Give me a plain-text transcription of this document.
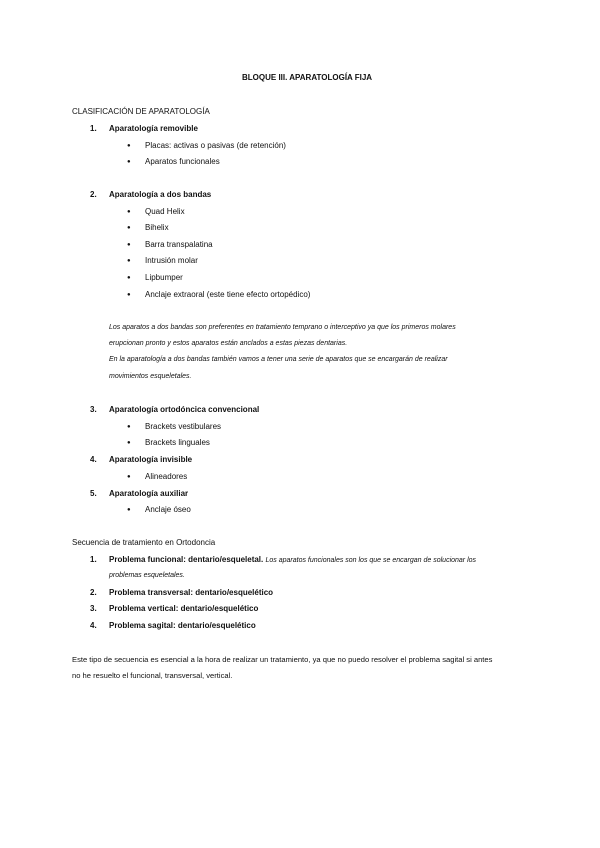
BLOQUE III. APARATOLOGÍA FIJA
CLASIFICACIÓN DE APARATOLOGÍA
1.	Aparatología removible
● Placas: activas o pasivas (de retención)
● Aparatos funcionales
2.	Aparatología a dos bandas
● Quad Helix
● Bihelix
● Barra transpalatina
● Intrusión molar
● Lipbumper
● Anclaje extraoral (este tiene efecto ortopédico)
Los aparatos a dos bandas son preferentes en tratamiento temprano o interceptivo ya que los primeros molares
erupcionan pronto y estos aparatos están anclados a estas piezas dentarias.
En la aparatología a dos bandas también vamos a tener una serie de aparatos que se encargarán de realizar
movimientos esqueletales.
3.	Aparatología ortodóncica convencional
● Brackets vestibulares
● Brackets linguales
4.	Aparatología invisible
● Alineadores
5.	Aparatología auxiliar
● Anclaje óseo
Secuencia de tratamiento en Ortodoncia
1.	Problema funcional: dentario/esqueletal. Los aparatos funcionales son los que se encargan de solucionar los
problemas esqueletales.
2.	Problema transversal: dentario/esquelético
3.	Problema vertical: dentario/esquelético
4.	Problema sagital: dentario/esquelético
Este tipo de secuencia es esencial a la hora de realizar un tratamiento, ya que no puedo resolver el problema sagital si antes
no he resuelto el funcional, transversal, vertical.
